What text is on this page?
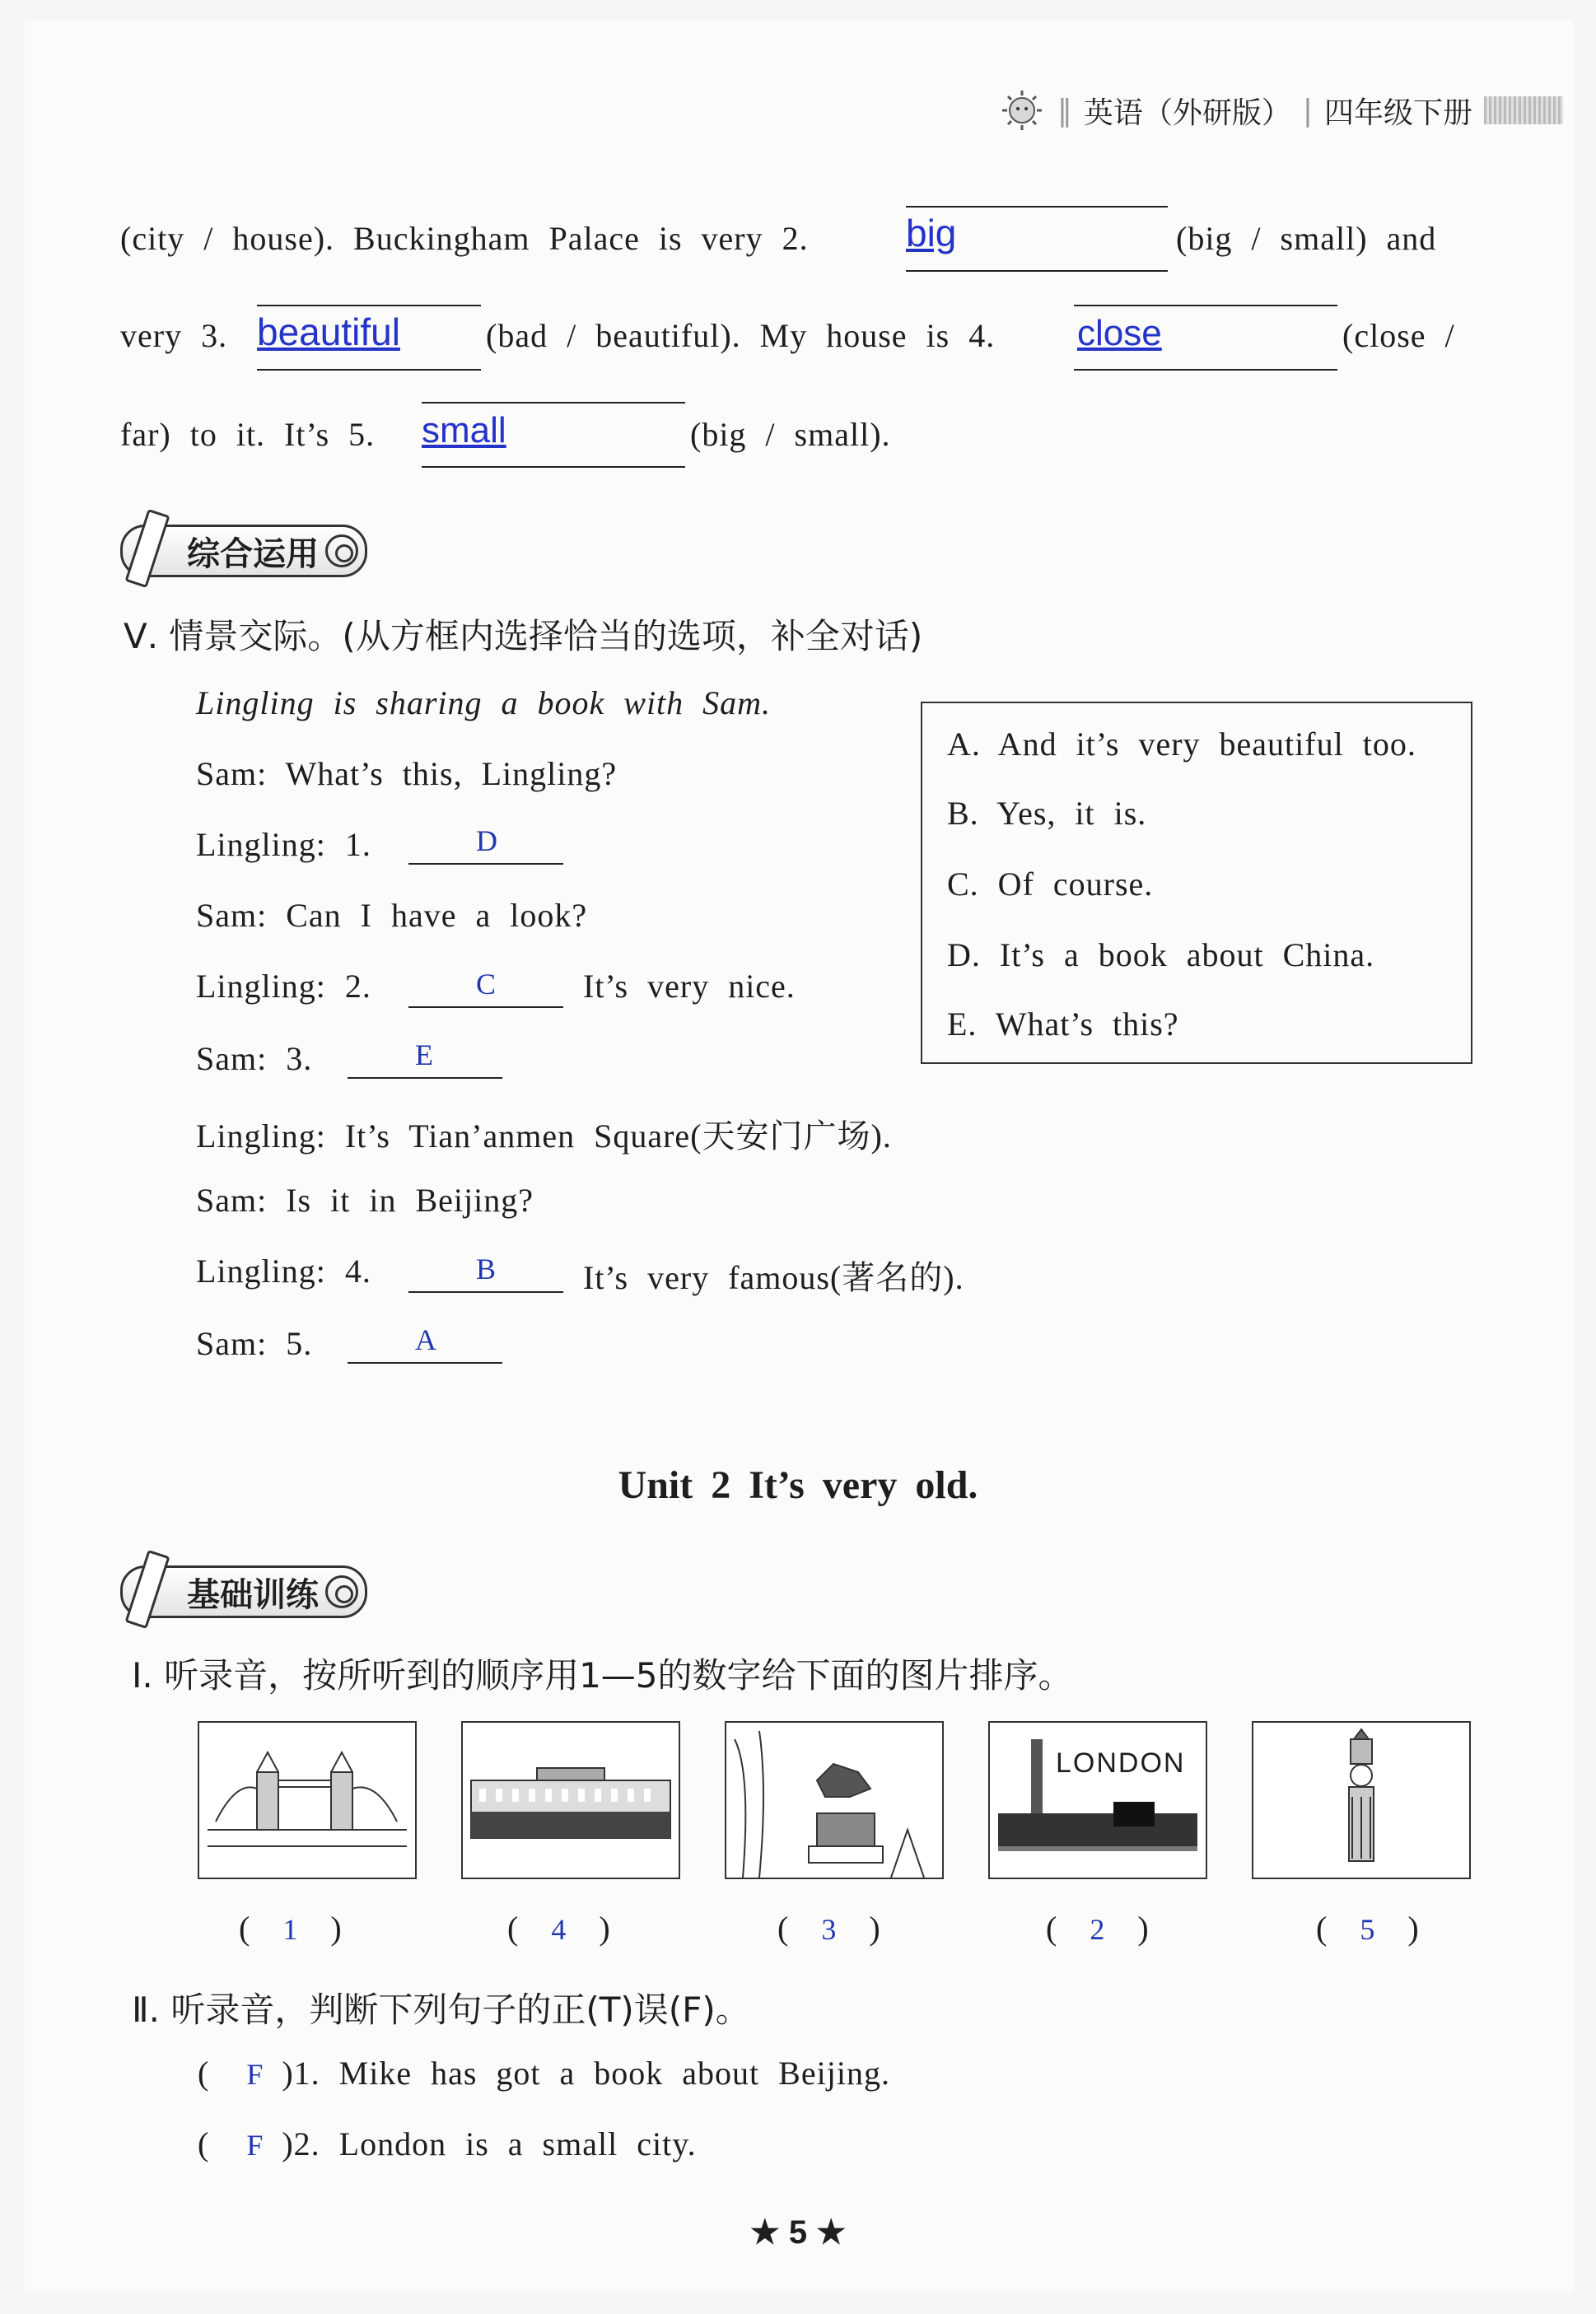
‖ 英语（外研版） | 四年级下册
(city / house). Buckingham Palace is very 2.	big	(big / small) and
very 3. beautiful	(bad / beautiful). My house is 4. close	(close /
far) to it. It’s 5. small	(big / small).
综合运用
Ⅴ. 情景交际。(从方框内选择恰当的选项，补全对话)
Lingling is sharing a book with Sam.
Sam: What’s this, Lingling?
Lingling: 1.	D
Sam: Can I have a look?
Lingling: 2.	C	It’s very nice.
Sam: 3.	E
Lingling: It’s Tian’anmen Square(天安门广场).
Sam: Is it in Beijing?
Lingling: 4.	B	It’s very famous(著名的).
Sam: 5.	A
A. And it’s very beautiful too.
B. Yes, it is.
C. Of course.
D. It’s a book about China.
E. What’s this?
Unit 2 It’s very old.
基础训练
Ⅰ. 听录音，按所听到的顺序用1—5的数字给下面的图片排序。
LONDON
( 1 )	( 4 )	( 3 )	( 2 )	( 5 )
Ⅱ. 听录音，判断下列句子的正(T)误(F)。
( F )1. Mike has got a book about Beijing.
( F )2. London is a small city.
★ 5 ★
